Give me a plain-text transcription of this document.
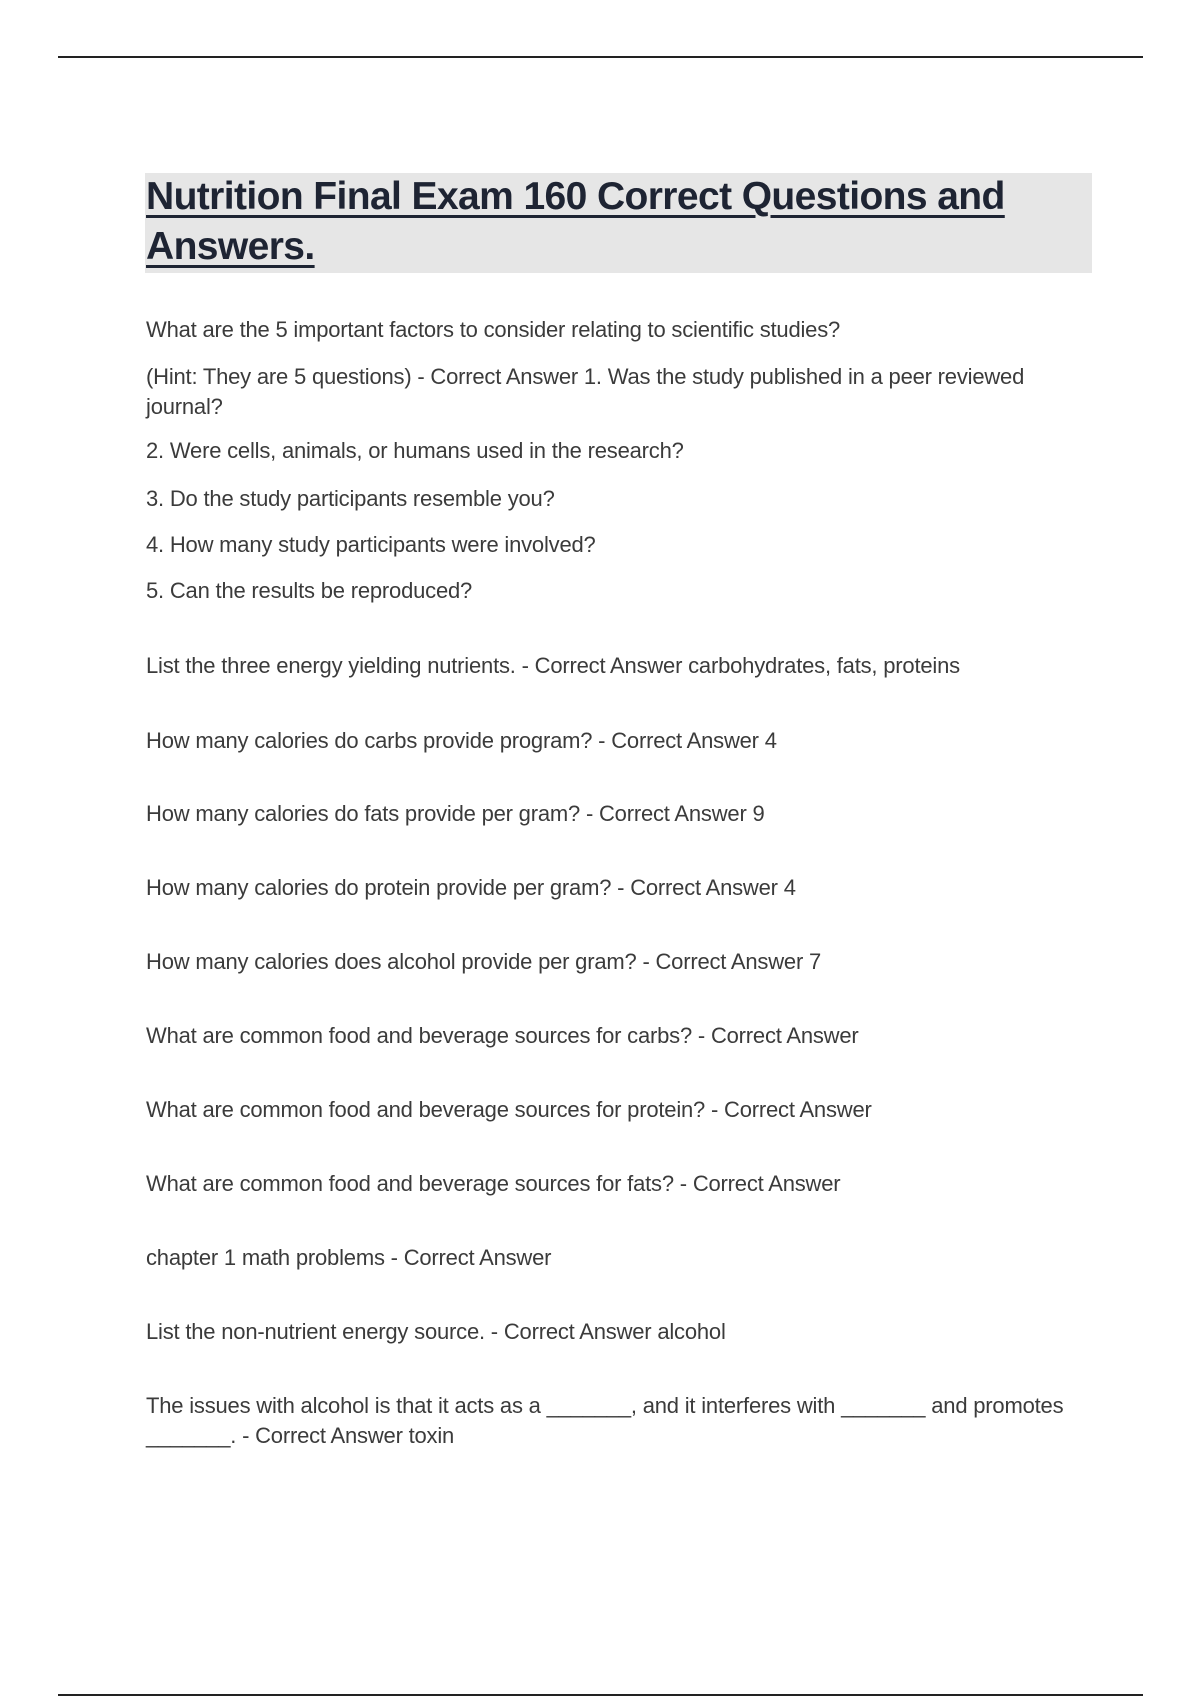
Nutrition Final Exam 160 Correct Questions and Answers.

What are the 5 important factors to consider relating to scientific studies?

(Hint: They are 5 questions) - Correct Answer 1. Was the study published in a peer reviewed journal?

2. Were cells, animals, or humans used in the research?

3. Do the study participants resemble you?

4. How many study participants were involved?

5. Can the results be reproduced?

List the three energy yielding nutrients. - Correct Answer carbohydrates, fats, proteins

How many calories do carbs provide program? - Correct Answer 4

How many calories do fats provide per gram? - Correct Answer 9

How many calories do protein provide per gram? - Correct Answer 4

How many calories does alcohol provide per gram? - Correct Answer 7

What are common food and beverage sources for carbs? - Correct Answer

What are common food and beverage sources for protein? - Correct Answer

What are common food and beverage sources for fats? - Correct Answer

chapter 1 math problems - Correct Answer

List the non-nutrient energy source. - Correct Answer alcohol

The issues with alcohol is that it acts as a _______, and it interferes with _______ and promotes _______. - Correct Answer toxin
